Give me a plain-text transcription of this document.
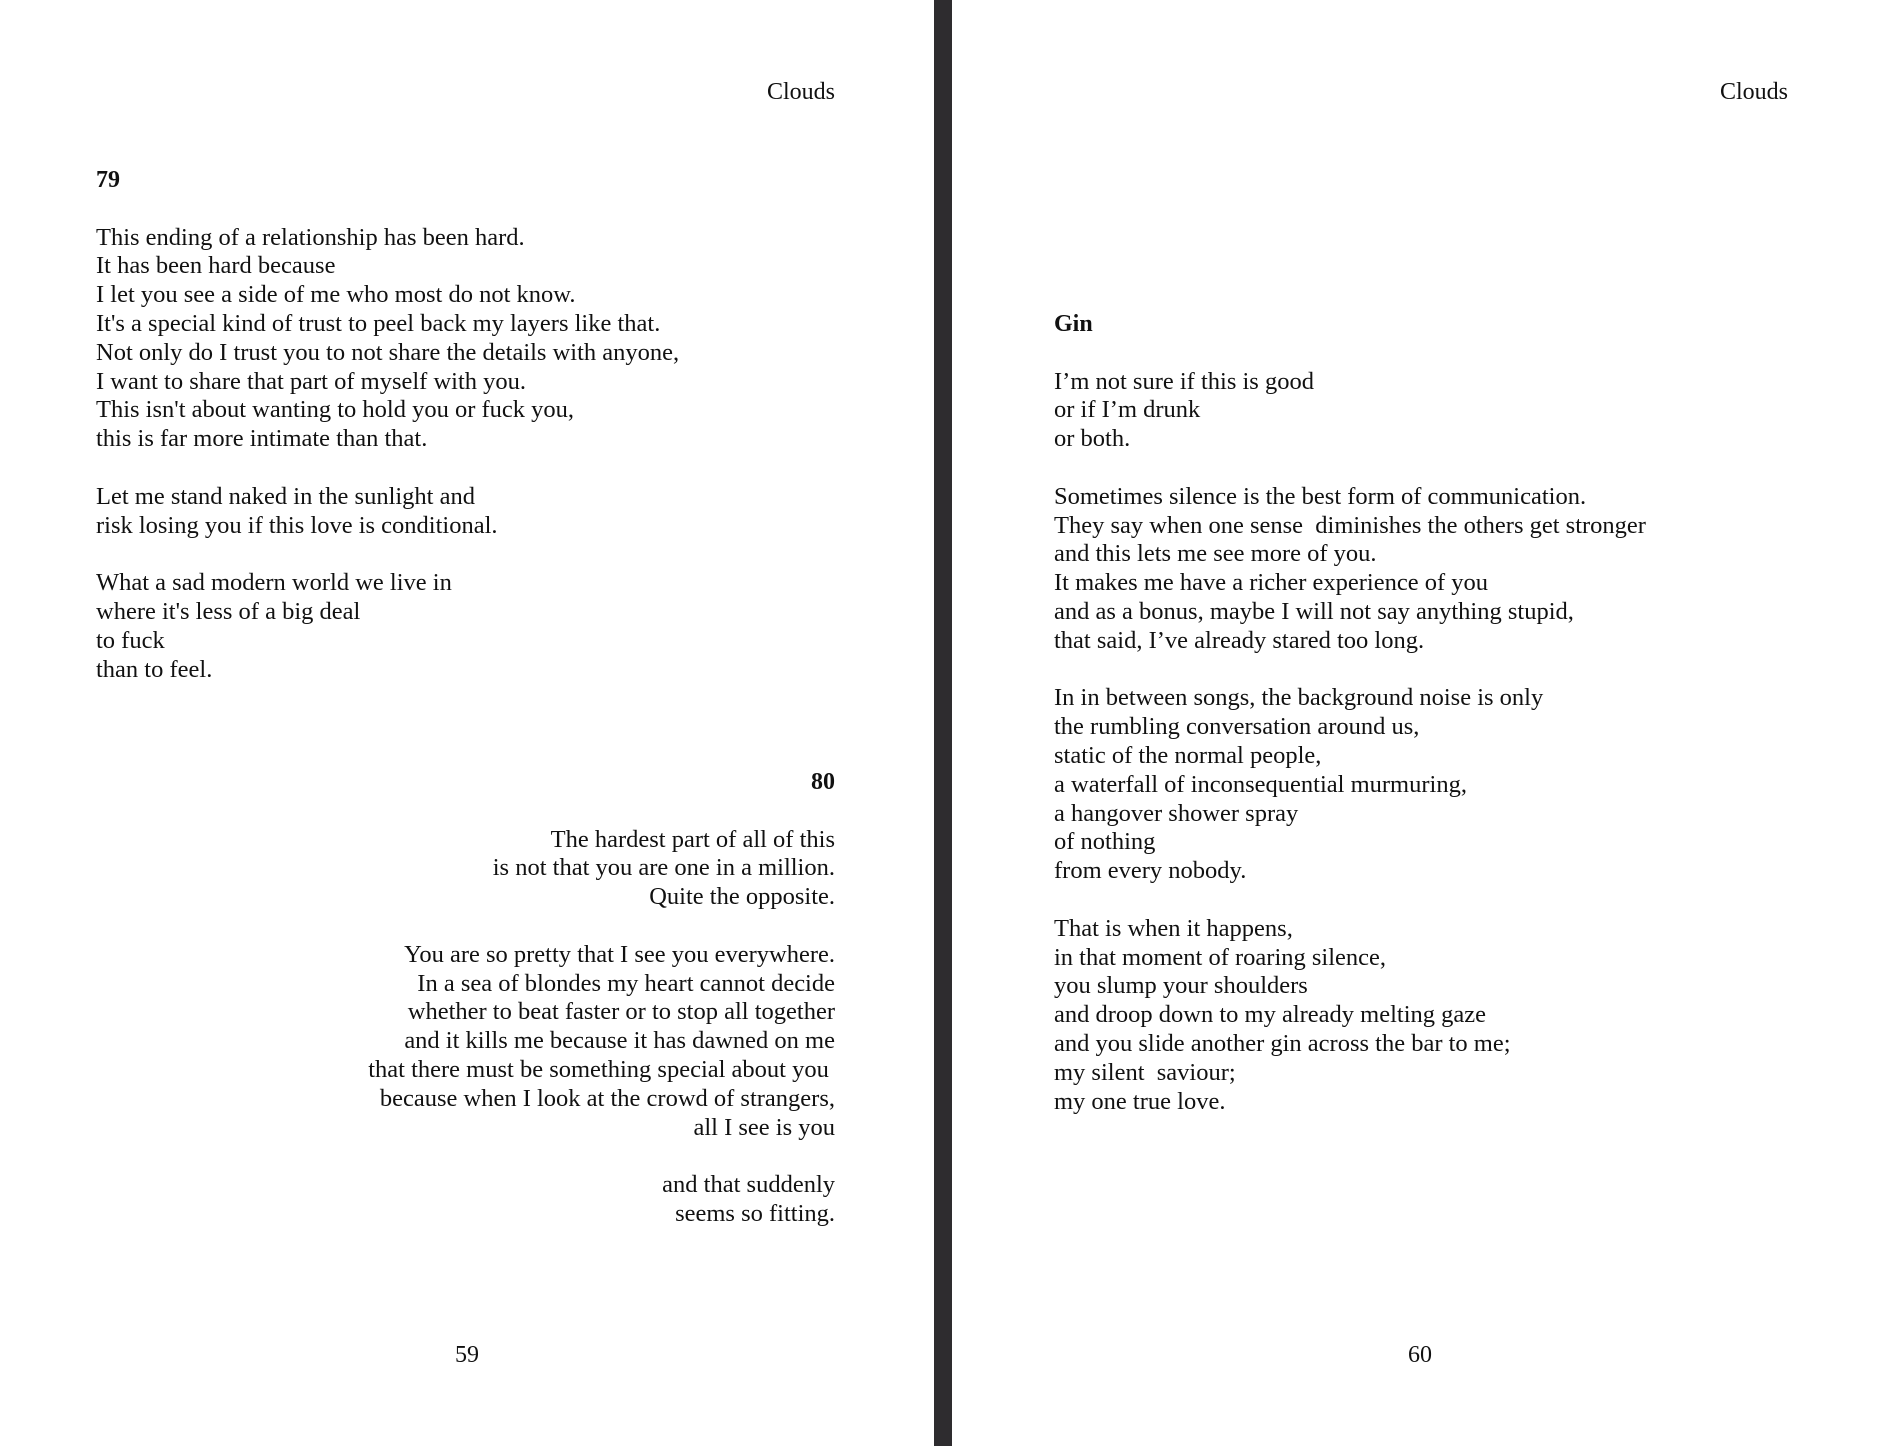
Clouds
79
This ending of a relationship has been hard.
It has been hard because
I let you see a side of me who most do not know.
It's a special kind of trust to peel back my layers like that.
Not only do I trust you to not share the details with anyone,
I want to share that part of myself with you.
This isn't about wanting to hold you or fuck you,
this is far more intimate than that.
Let me stand naked in the sunlight and
risk losing you if this love is conditional.
What a sad modern world we live in
where it's less of a big deal
to fuck
than to feel.
80
The hardest part of all of this
is not that you are one in a million.
Quite the opposite.
You are so pretty that I see you everywhere.
In a sea of blondes my heart cannot decide
whether to beat faster or to stop all together
and it kills me because it has dawned on me
that there must be something special about you
because when I look at the crowd of strangers,
all I see is you
and that suddenly
seems so fitting.
59
Clouds
Gin
I’m not sure if this is good
or if I’m drunk
or both.
Sometimes silence is the best form of communication.
They say when one sense  diminishes the others get stronger
and this lets me see more of you.
It makes me have a richer experience of you
and as a bonus, maybe I will not say anything stupid,
that said, I’ve already stared too long.
In in between songs, the background noise is only
the rumbling conversation around us,
static of the normal people,
a waterfall of inconsequential murmuring,
a hangover shower spray
of nothing
from every nobody.
That is when it happens,
in that moment of roaring silence,
you slump your shoulders
and droop down to my already melting gaze
and you slide another gin across the bar to me;
my silent  saviour;
my one true love.
60
